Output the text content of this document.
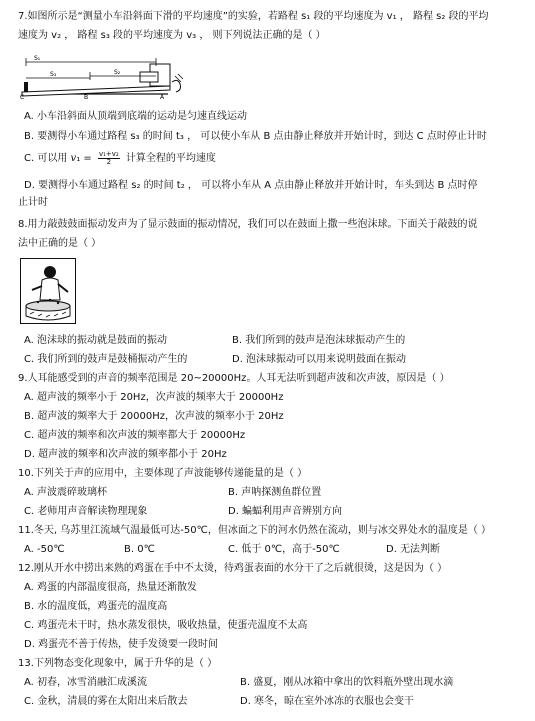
7.如图所示是“测量小车沿斜面下滑的平均速度”的实验，若路程 s₁ 段的平均速度为 v₁ ， 路程 s₂ 段的平均
速度为 v₂ ， 路程 s₃ 段的平均速度为 v₃ ， 则下列说法正确的是（ ）
S₁
S₂
S₃
C	B	A
A. 小车沿斜面从顶端到底端的运动是匀速直线运动
B. 要测得小车通过路程 s₃ 的时间 t₃ ， 可以使小车从 B 点由静止释放并开始计时，到达 C 点时停止计时
C. 可以用 $v_1 = \frac{\text{v₁+v₂}}{2}$ 计算全程的平均速度
D. 要测得小车通过路程 s₂ 的时间 t₂ ， 可以将小车从 A 点由静止释放并开始计时，车头到达 B 点时停
止计时
8.用力敲鼓鼓面振动发声为了显示鼓面的振动情况，我们可以在鼓面上撒一些泡沫球。下面关于敲鼓的说
法中正确的是（ ）
A. 泡沫球的振动就是鼓面的振动	B. 我们所到的鼓声是泡沫球振动产生的
C. 我们所到的鼓声是鼓桶振动产生的	D. 泡沫球振动可以用来说明鼓面在振动
9.人耳能感受到的声音的频率范围是 20~20000Hz。人耳无法听到超声波和次声波，原因是（ ）
A. 超声波的频率小于 20Hz，次声波的频率大于 20000Hz
B. 超声波的频率大于 20000Hz，次声波的频率小于 20Hz
C. 超声波的频率和次声波的频率都大于 20000Hz
D. 超声波的频率和次声波的频率都小于 20Hz
10.下列关于声的应用中，主要体现了声波能够传递能量的是（ ）
A. 声波震碎玻璃杯	B. 声呐探测鱼群位置
C. 老师用声音解读物理现象	D. 蝙蝠利用声音辨别方向
11.冬天, 乌苏里江流域气温最低可达-50℃，但冰面之下的河水仍然在流动，则与冰交界处水的温度是（ ）
A. -50℃	B. 0℃	C. 低于 0℃，高于-50℃	D. 无法判断
12.刚从开水中捞出来熟的鸡蛋在手中不太烫，待鸡蛋表面的水分干了之后就很烫，这是因为（ ）
A. 鸡蛋的内部温度很高，热量还渐散发
B. 水的温度低，鸡蛋壳的温度高
C. 鸡蛋壳未干时，热水蒸发很快，吸收热量，使蛋壳温度不太高
D. 鸡蛋壳不善于传热，使手发烫要一段时间
13.下列物态变化现象中，属于升华的是（ ）
A. 初春，冰雪消融汇成溪流	B. 盛夏，刚从冰箱中拿出的饮料瓶外壁出现水滴
C. 金秋，清晨的雾在太阳出来后散去	D. 寒冬，晾在室外冰冻的衣服也会变干
